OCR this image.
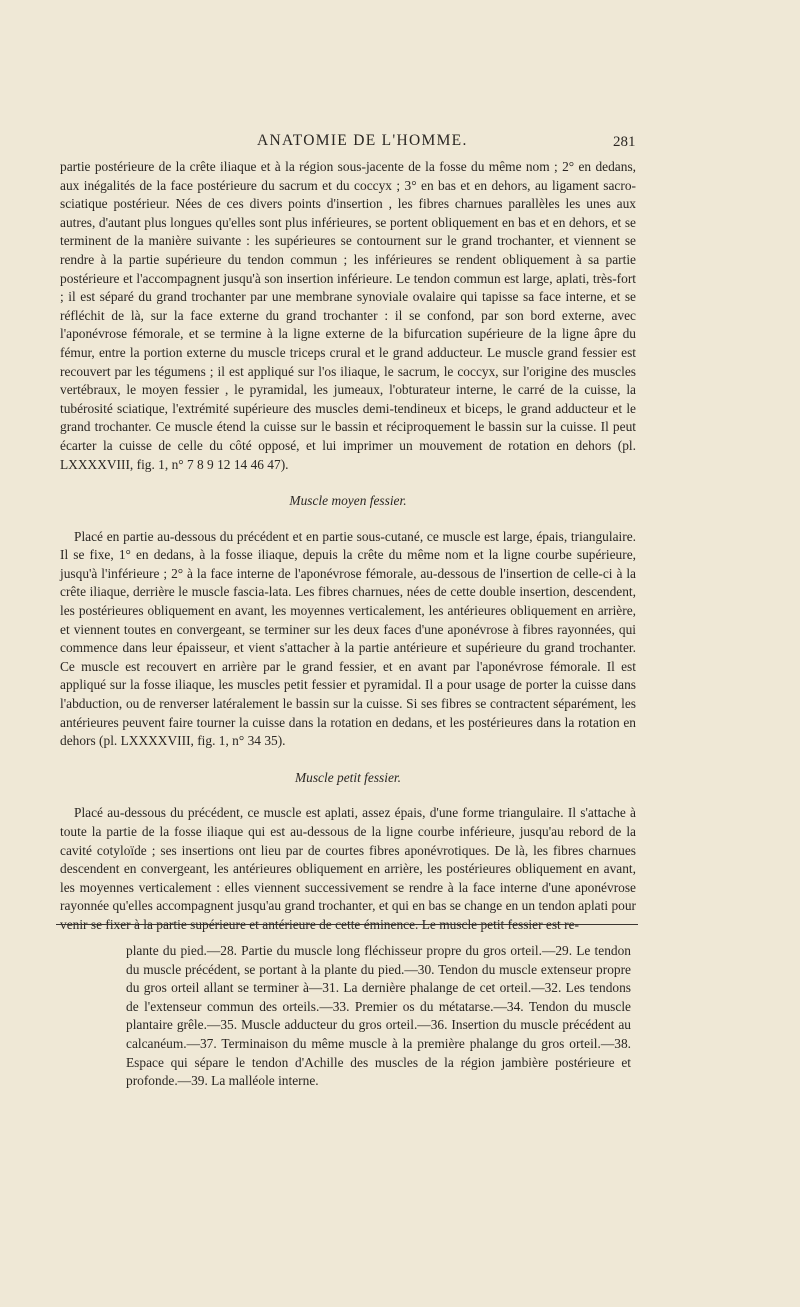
ANATOMIE DE L'HOMME.	281

partie postérieure de la crête iliaque et à la région sous-jacente de la fosse du même nom ; 2° en dedans, aux inégalités de la face postérieure du sacrum et du coccyx ; 3° en bas et en dehors, au ligament sacro-sciatique postérieur. Nées de ces divers points d'insertion , les fibres charnues parallèles les unes aux autres, d'autant plus longues qu'elles sont plus inférieures, se portent obliquement en bas et en dehors, et se terminent de la manière suivante : les supérieures se contournent sur le grand trochanter, et viennent se rendre à la partie supérieure du tendon commun ; les inférieures se rendent obliquement à sa partie postérieure et l'accompagnent jusqu'à son insertion inférieure. Le tendon commun est large, aplati, très-fort ; il est séparé du grand trochanter par une membrane synoviale ovalaire qui tapisse sa face interne, et se réfléchit de là, sur la face externe du grand trochanter : il se confond, par son bord externe, avec l'aponévrose fémorale, et se termine à la ligne externe de la bifurcation supérieure de la ligne âpre du fémur, entre la portion externe du muscle triceps crural et le grand adducteur. Le muscle grand fessier est recouvert par les tégumens ; il est appliqué sur l'os iliaque, le sacrum, le coccyx, sur l'origine des muscles vertébraux, le moyen fessier , le pyramidal, les jumeaux, l'obturateur interne, le carré de la cuisse, la tubérosité sciatique, l'extrémité supérieure des muscles demi-tendineux et biceps, le grand adducteur et le grand trochanter. Ce muscle étend la cuisse sur le bassin et réciproquement le bassin sur la cuisse. Il peut écarter la cuisse de celle du côté opposé, et lui imprimer un mouvement de rotation en dehors (pl. LXXXXVIII, fig. 1, n° 7 8 9 12 14 46 47).

Muscle moyen fessier.

Placé en partie au-dessous du précédent et en partie sous-cutané, ce muscle est large, épais, triangulaire. Il se fixe, 1° en dedans, à la fosse iliaque, depuis la crête du même nom et la ligne courbe supérieure, jusqu'à l'inférieure ; 2° à la face interne de l'aponévrose fémorale, au-dessous de l'insertion de celle-ci à la crête iliaque, derrière le muscle fascia-lata. Les fibres charnues, nées de cette double insertion, descendent, les postérieures obliquement en avant, les moyennes verticalement, les antérieures obliquement en arrière, et viennent toutes en convergeant, se terminer sur les deux faces d'une aponévrose à fibres rayonnées, qui commence dans leur épaisseur, et vient s'attacher à la partie antérieure et supérieure du grand trochanter. Ce muscle est recouvert en arrière par le grand fessier, et en avant par l'aponévrose fémorale. Il est appliqué sur la fosse iliaque, les muscles petit fessier et pyramidal. Il a pour usage de porter la cuisse dans l'abduction, ou de renverser latéralement le bassin sur la cuisse. Si ses fibres se contractent séparément, les antérieures peuvent faire tourner la cuisse dans la rotation en dedans, et les postérieures dans la rotation en dehors (pl. LXXXXVIII, fig. 1, n° 34 35).

Muscle petit fessier.

Placé au-dessous du précédent, ce muscle est aplati, assez épais, d'une forme triangulaire. Il s'attache à toute la partie de la fosse iliaque qui est au-dessous de la ligne courbe inférieure, jusqu'au rebord de la cavité cotyloïde ; ses insertions ont lieu par de courtes fibres aponévrotiques. De là, les fibres charnues descendent en convergeant, les antérieures obliquement en arrière, les postérieures obliquement en avant, les moyennes verticalement : elles viennent successivement se rendre à la face interne d'une aponévrose rayonnée qu'elles accompagnent jusqu'au grand trochanter, et qui en bas se change en un tendon aplati pour venir se fixer à la partie supérieure et antérieure de cette éminence. Le muscle petit fessier est re-

plante du pied.—28. Partie du muscle long fléchisseur propre du gros orteil.—29. Le tendon du muscle précédent, se portant à la plante du pied.—30. Tendon du muscle extenseur propre du gros orteil allant se terminer à—31. La dernière phalange de cet orteil.—32. Les tendons de l'extenseur commun des orteils.—33. Premier os du métatarse.—34. Tendon du muscle plantaire grêle.—35. Muscle adducteur du gros orteil.—36. Insertion du muscle précédent au calcanéum.—37. Terminaison du même muscle à la première phalange du gros orteil.—38. Espace qui sépare le tendon d'Achille des muscles de la région jambière postérieure et profonde.—39. La malléole interne.
